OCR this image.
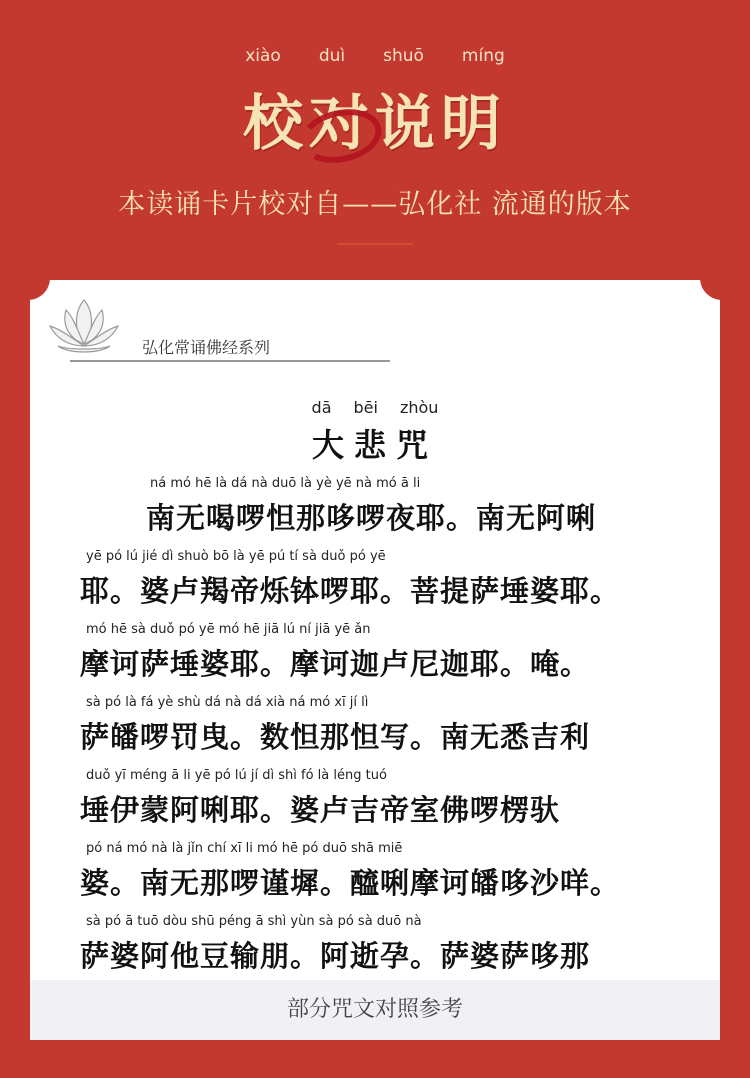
xiào duì shuō míng
校对说明
本读诵卡片校对自——弘化社 流通的版本
弘化常诵佛经系列
dā bēi zhòu
大悲咒
ná mó hē là dá nà duō là yè yē nà mó ā li
南无喝啰怛那哆啰夜耶。南无阿唎
yē pó lú jié dì shuò bō là yē pú tí sà duǒ pó yē
耶。婆卢羯帝烁钵啰耶。菩提萨埵婆耶。
mó hē sà duǒ pó yē mó hē jiā lú ní jiā yē ǎn
摩诃萨埵婆耶。摩诃迦卢尼迦耶。唵。
sà pó là fá yè shù dá nà dá xià ná mó xī jí lì
萨皤啰罚曳。数怛那怛写。南无悉吉利
duǒ yī méng ā li yē pó lú jí dì shì fó là léng tuó
埵伊蒙阿唎耶。婆卢吉帝室佛啰楞驮
pó ná mó nà là jǐn chí xī li mó hē pó duō shā miē
婆。南无那啰谨墀。醯唎摩诃皤哆沙咩。
sà pó ā tuō dòu shū péng ā shì yùn sà pó sà duō nà
萨婆阿他豆输朋。阿逝孕。萨婆萨哆那
部分咒文对照参考
